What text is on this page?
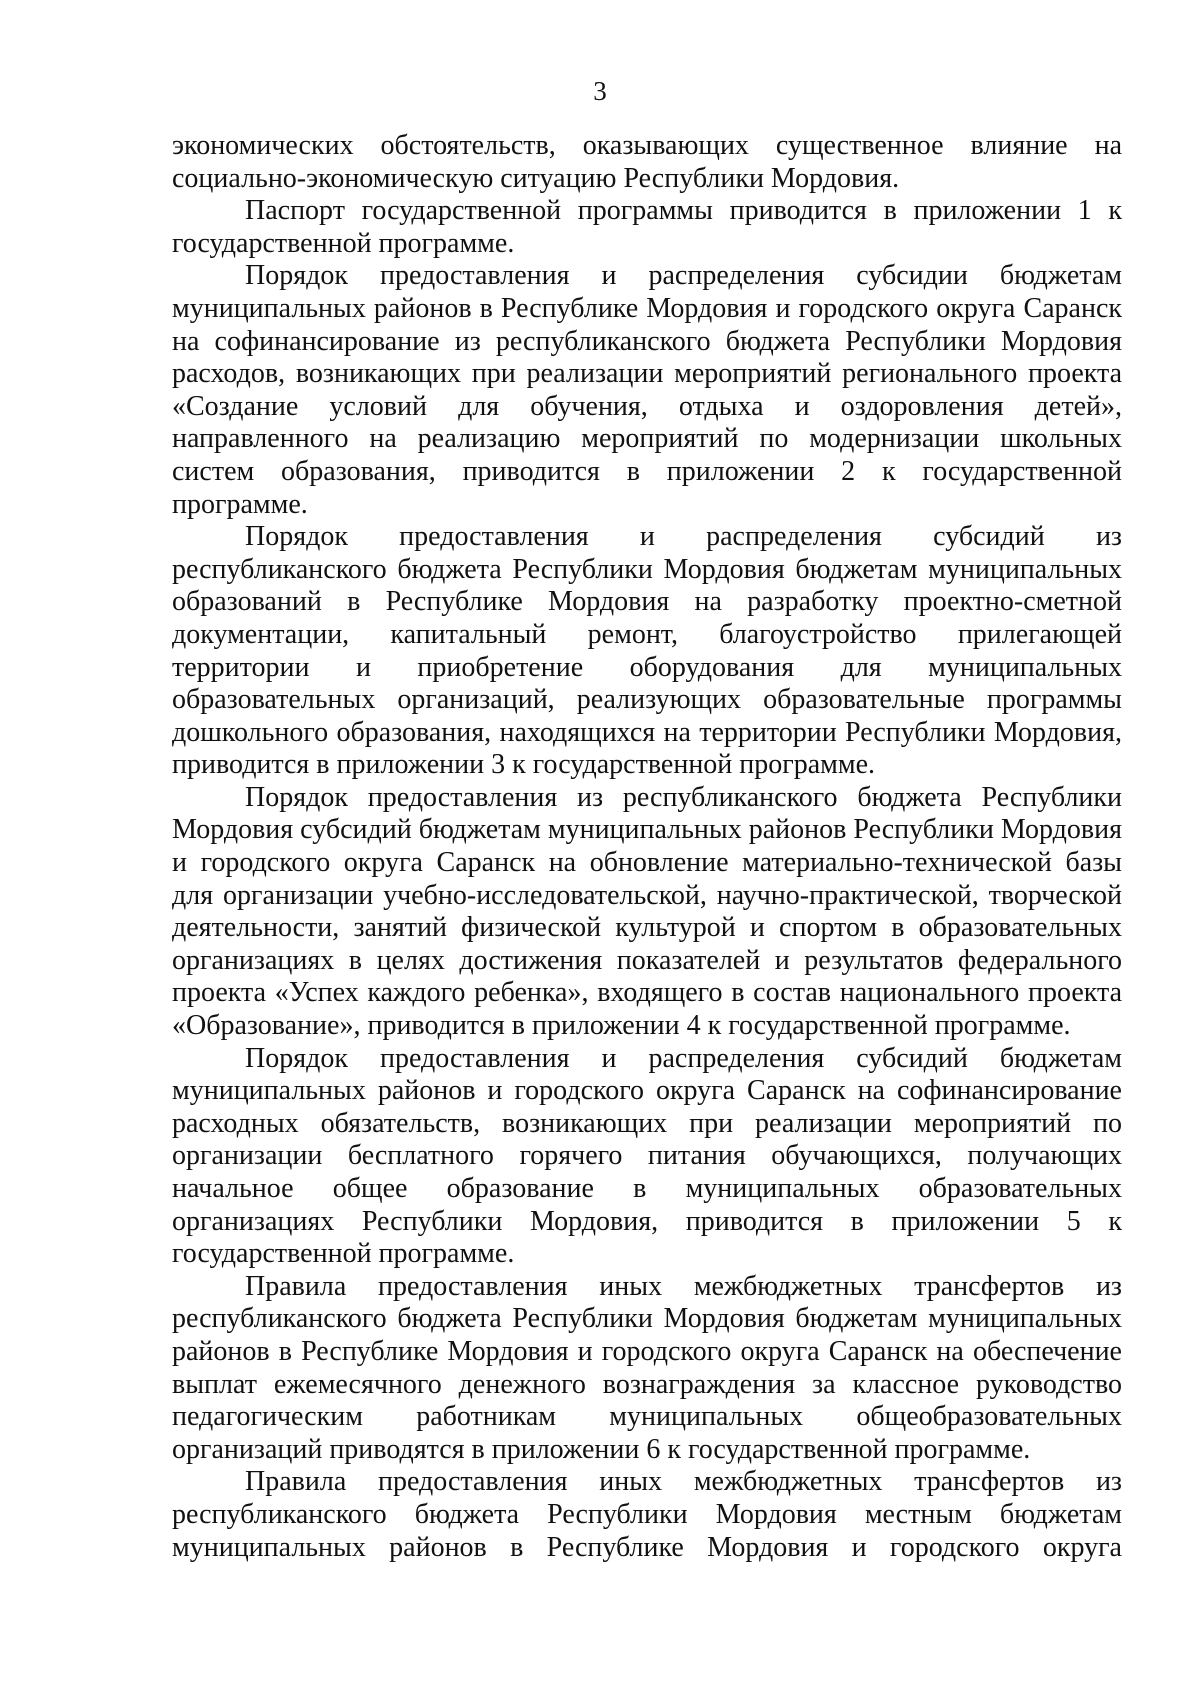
3

экономических обстоятельств, оказывающих существенное влияние на социально-экономическую ситуацию Республики Мордовия.

Паспорт государственной программы приводится в приложении 1 к государственной программе.

Порядок предоставления и распределения субсидии бюджетам муниципальных районов в Республике Мордовия и городского округа Саранск на софинансирование из республиканского бюджета Республики Мордовия расходов, возникающих при реализации мероприятий регионального проекта «Создание условий для обучения, отдыха и оздоровления детей», направленного на реализацию мероприятий по модернизации школьных систем образования, приводится в приложении 2 к государственной программе.

Порядок предоставления и распределения субсидий из республиканского бюджета Республики Мордовия бюджетам муниципальных образований в Республике Мордовия на разработку проектно-сметной документации, капитальный ремонт, благоустройство прилегающей территории и приобретение оборудования для муниципальных образовательных организаций, реализующих образовательные программы дошкольного образования, находящихся на территории Республики Мордовия, приводится в приложении 3 к государственной программе.

Порядок предоставления из республиканского бюджета Республики Мордовия субсидий бюджетам муниципальных районов Республики Мордовия и городского округа Саранск на обновление материально-технической базы для организации учебно-исследовательской, научно-практической, творческой деятельности, занятий физической культурой и спортом в образовательных организациях в целях достижения показателей и результатов федерального проекта «Успех каждого ребенка», входящего в состав национального проекта «Образование», приводится в приложении 4 к государственной программе.

Порядок предоставления и распределения субсидий бюджетам муниципальных районов и городского округа Саранск на софинансирование расходных обязательств, возникающих при реализации мероприятий по организации бесплатного горячего питания обучающихся, получающих начальное общее образование в муниципальных образовательных организациях Республики Мордовия, приводится в приложении 5 к государственной программе.

Правила предоставления иных межбюджетных трансфертов из республиканского бюджета Республики Мордовия бюджетам муниципальных районов в Республике Мордовия и городского округа Саранск на обеспечение выплат ежемесячного денежного вознаграждения за классное руководство педагогическим работникам муниципальных общеобразовательных организаций приводятся в приложении 6 к государственной программе.

Правила предоставления иных межбюджетных трансфертов из республиканского бюджета Республики Мордовия местным бюджетам муниципальных районов в Республике Мордовия и городского округа
